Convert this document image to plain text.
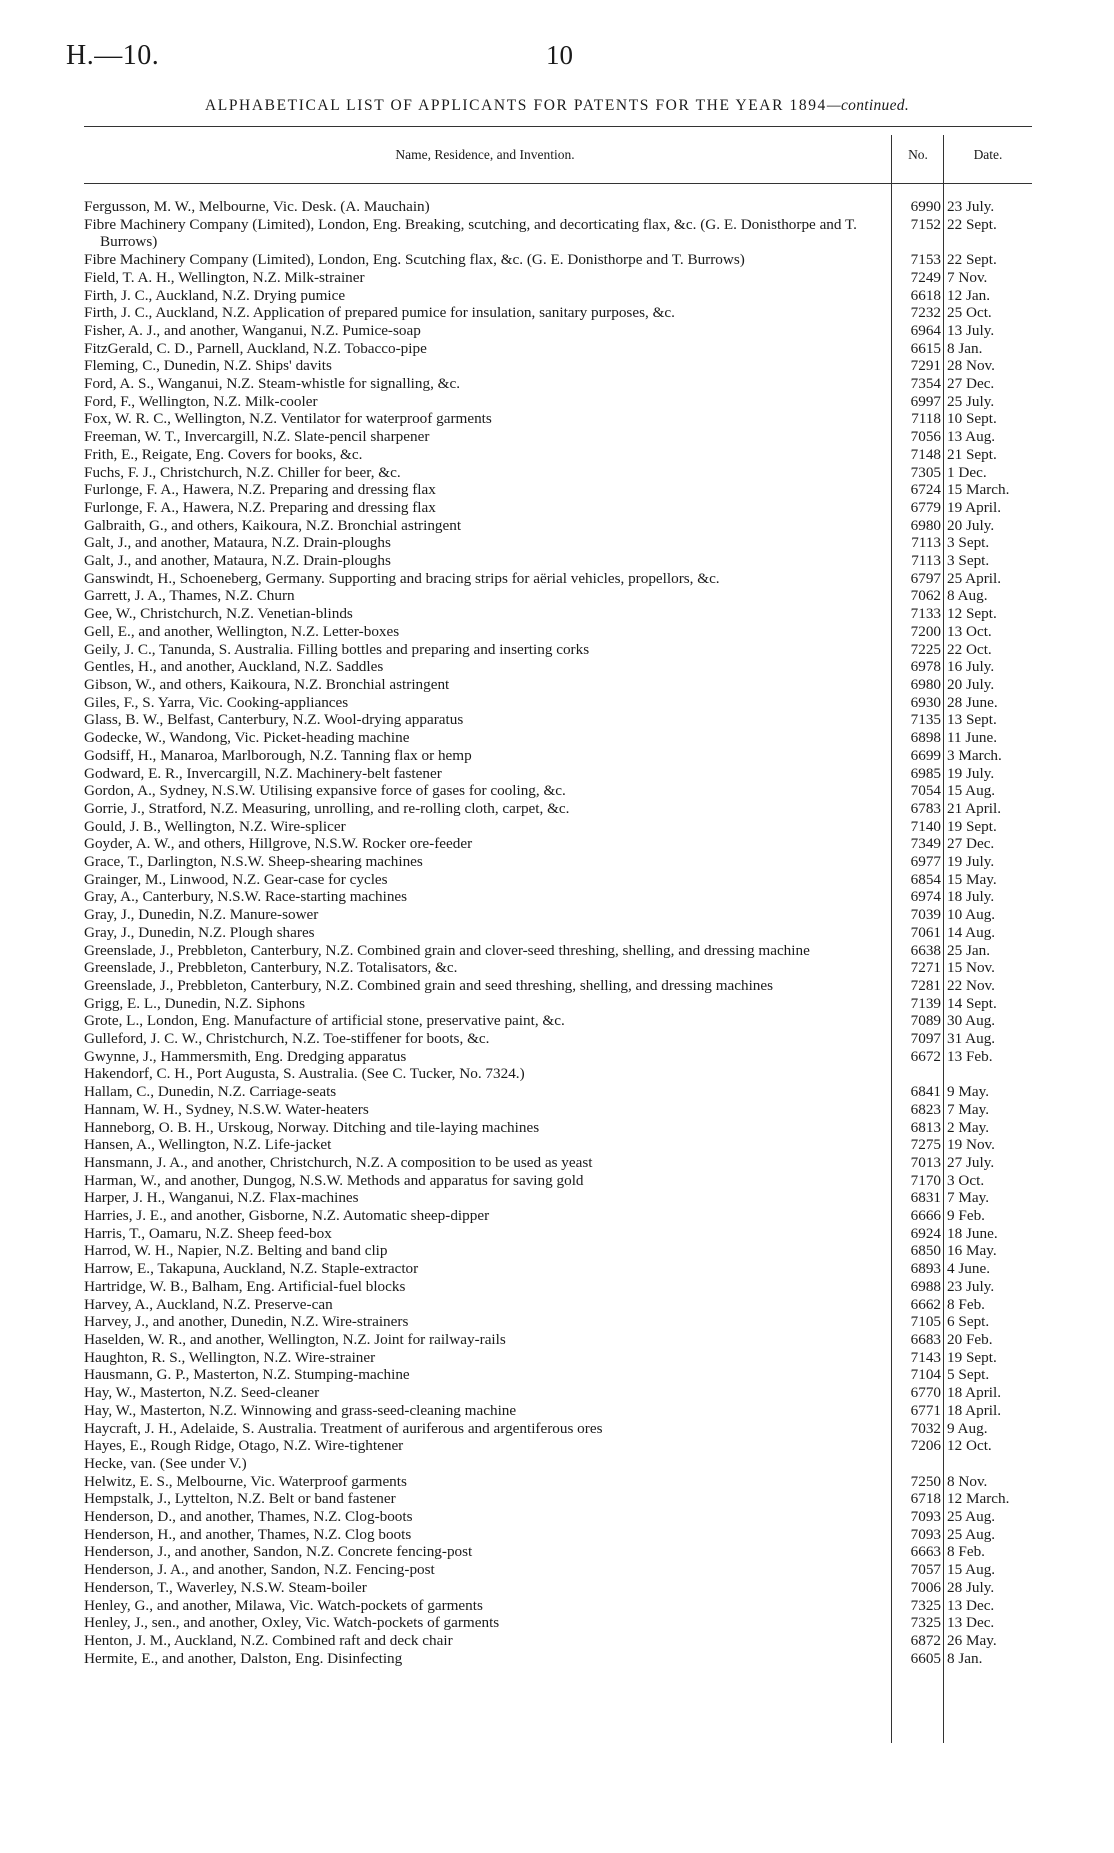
H.—10.	10
ALPHABETICAL LIST OF APPLICANTS FOR PATENTS FOR THE YEAR 1894—continued.
Name, Residence, and Invention.	No.	Date.
Fergusson, M. W., Melbourne, Vic. Desk. (A. Mauchain)	6990 23 July.
Fibre Machinery Company (Limited), London, Eng. Breaking, scutching, and decorticating flax, &c. (G. E. Donisthorpe and T. Burrows)
7152 22 Sept.
Fibre Machinery Company (Limited), London, Eng. Scutching flax, &c. (G. E. Donisthorpe and T. Burrows)	7153 22 Sept.
Field, T. A. H., Wellington, N.Z. Milk-strainer	7249 7 Nov.
Firth, J. C., Auckland, N.Z. Drying pumice	6618 12 Jan.
Firth, J. C., Auckland, N.Z. Application of prepared pumice for insulation, sanitary purposes, &c.	7232 25 Oct.
Fisher, A. J., and another, Wanganui, N.Z. Pumice-soap	6964 13 July.
FitzGerald, C. D., Parnell, Auckland, N.Z. Tobacco-pipe	6615 8 Jan.
Fleming, C., Dunedin, N.Z. Ships' davits	7291 28 Nov.
Ford, A. S., Wanganui, N.Z. Steam-whistle for signalling, &c.	7354 27 Dec.
Ford, F., Wellington, N.Z. Milk-cooler	6997 25 July.
Fox, W. R. C., Wellington, N.Z. Ventilator for waterproof garments	7118 10 Sept.
Freeman, W. T., Invercargill, N.Z. Slate-pencil sharpener	7056 13 Aug.
Frith, E., Reigate, Eng. Covers for books, &c.	7148 21 Sept.
Fuchs, F. J., Christchurch, N.Z. Chiller for beer, &c.	7305 1 Dec.
Furlonge, F. A., Hawera, N.Z. Preparing and dressing flax	6724 15 March.
Furlonge, F. A., Hawera, N.Z. Preparing and dressing flax	6779 19 April.
Galbraith, G., and others, Kaikoura, N.Z. Bronchial astringent	6980 20 July.
Galt, J., and another, Mataura, N.Z. Drain-ploughs	7113 3 Sept.
Galt, J., and another, Mataura, N.Z. Drain-ploughs	7113 3 Sept.
Ganswindt, H., Schoeneberg, Germany. Supporting and bracing strips for aërial vehicles, propellors, &c.	6797 25 April.
Garrett, J. A., Thames, N.Z. Churn	7062 8 Aug.
Gee, W., Christchurch, N.Z. Venetian-blinds	7133 12 Sept.
Gell, E., and another, Wellington, N.Z. Letter-boxes	7200 13 Oct.
Geily, J. C., Tanunda, S. Australia. Filling bottles and preparing and inserting corks	7225 22 Oct.
Gentles, H., and another, Auckland, N.Z. Saddles	6978 16 July.
Gibson, W., and others, Kaikoura, N.Z. Bronchial astringent	6980 20 July.
Giles, F., S. Yarra, Vic. Cooking-appliances	6930 28 June.
Glass, B. W., Belfast, Canterbury, N.Z. Wool-drying apparatus	7135 13 Sept.
Godecke, W., Wandong, Vic. Picket-heading machine	6898 11 June.
Godsiff, H., Manaroa, Marlborough, N.Z. Tanning flax or hemp	6699 3 March.
Godward, E. R., Invercargill, N.Z. Machinery-belt fastener	6985 19 July.
Gordon, A., Sydney, N.S.W. Utilising expansive force of gases for cooling, &c.	7054 15 Aug.
Gorrie, J., Stratford, N.Z. Measuring, unrolling, and re-rolling cloth, carpet, &c.	6783 21 April.
Gould, J. B., Wellington, N.Z. Wire-splicer	7140 19 Sept.
Goyder, A. W., and others, Hillgrove, N.S.W. Rocker ore-feeder	7349 27 Dec.
Grace, T., Darlington, N.S.W. Sheep-shearing machines	6977 19 July.
Grainger, M., Linwood, N.Z. Gear-case for cycles	6854 15 May.
Gray, A., Canterbury, N.S.W. Race-starting machines	6974 18 July.
Gray, J., Dunedin, N.Z. Manure-sower	7039 10 Aug.
Gray, J., Dunedin, N.Z. Plough shares	7061 14 Aug.
Greenslade, J., Prebbleton, Canterbury, N.Z. Combined grain and clover-seed threshing, shelling, and dressing machine	6638 25 Jan.
Greenslade, J., Prebbleton, Canterbury, N.Z. Totalisators, &c.	7271 15 Nov.
Greenslade, J., Prebbleton, Canterbury, N.Z. Combined grain and seed threshing, shelling, and dressing machines	7281 22 Nov.
Grigg, E. L., Dunedin, N.Z. Siphons	7139 14 Sept.
Grote, L., London, Eng. Manufacture of artificial stone, preservative paint, &c.	7089 30 Aug.
Gulleford, J. C. W., Christchurch, N.Z. Toe-stiffener for boots, &c.	7097 31 Aug.
Gwynne, J., Hammersmith, Eng. Dredging apparatus	6672 13 Feb.
Hakendorf, C. H., Port Augusta, S. Australia. (See C. Tucker, No. 7324.)
Hallam, C., Dunedin, N.Z. Carriage-seats	6841 9 May.
Hannam, W. H., Sydney, N.S.W. Water-heaters	6823 7 May.
Hanneborg, O. B. H., Urskoug, Norway. Ditching and tile-laying machines	6813 2 May.
Hansen, A., Wellington, N.Z. Life-jacket	7275 19 Nov.
Hansmann, J. A., and another, Christchurch, N.Z. A composition to be used as yeast	7013 27 July.
Harman, W., and another, Dungog, N.S.W. Methods and apparatus for saving gold	7170 3 Oct.
Harper, J. H., Wanganui, N.Z. Flax-machines	6831 7 May.
Harries, J. E., and another, Gisborne, N.Z. Automatic sheep-dipper	6666 9 Feb.
Harris, T., Oamaru, N.Z. Sheep feed-box	6924 18 June.
Harrod, W. H., Napier, N.Z. Belting and band clip	6850 16 May.
Harrow, E., Takapuna, Auckland, N.Z. Staple-extractor	6893 4 June.
Hartridge, W. B., Balham, Eng. Artificial-fuel blocks	6988 23 July.
Harvey, A., Auckland, N.Z. Preserve-can	6662 8 Feb.
Harvey, J., and another, Dunedin, N.Z. Wire-strainers	7105 6 Sept.
Haselden, W. R., and another, Wellington, N.Z. Joint for railway-rails	6683 20 Feb.
Haughton, R. S., Wellington, N.Z. Wire-strainer	7143 19 Sept.
Hausmann, G. P., Masterton, N.Z. Stumping-machine	7104 5 Sept.
Hay, W., Masterton, N.Z. Seed-cleaner	6770 18 April.
Hay, W., Masterton, N.Z. Winnowing and grass-seed-cleaning machine	6771 18 April.
Haycraft, J. H., Adelaide, S. Australia. Treatment of auriferous and argentiferous ores	7032 9 Aug.
Hayes, E., Rough Ridge, Otago, N.Z. Wire-tightener	7206 12 Oct.
Hecke, van. (See under V.)
Helwitz, E. S., Melbourne, Vic. Waterproof garments	7250 8 Nov.
Hempstalk, J., Lyttelton, N.Z. Belt or band fastener	6718 12 March.
Henderson, D., and another, Thames, N.Z. Clog-boots	7093 25 Aug.
Henderson, H., and another, Thames, N.Z. Clog boots	7093 25 Aug.
Henderson, J., and another, Sandon, N.Z. Concrete fencing-post	6663 8 Feb.
Henderson, J. A., and another, Sandon, N.Z. Fencing-post	7057 15 Aug.
Henderson, T., Waverley, N.S.W. Steam-boiler	7006 28 July.
Henley, G., and another, Milawa, Vic. Watch-pockets of garments	7325 13 Dec.
Henley, J., sen., and another, Oxley, Vic. Watch-pockets of garments	7325 13 Dec.
Henton, J. M., Auckland, N.Z. Combined raft and deck chair	6872 26 May.
Hermite, E., and another, Dalston, Eng. Disinfecting	6605 8 Jan.
